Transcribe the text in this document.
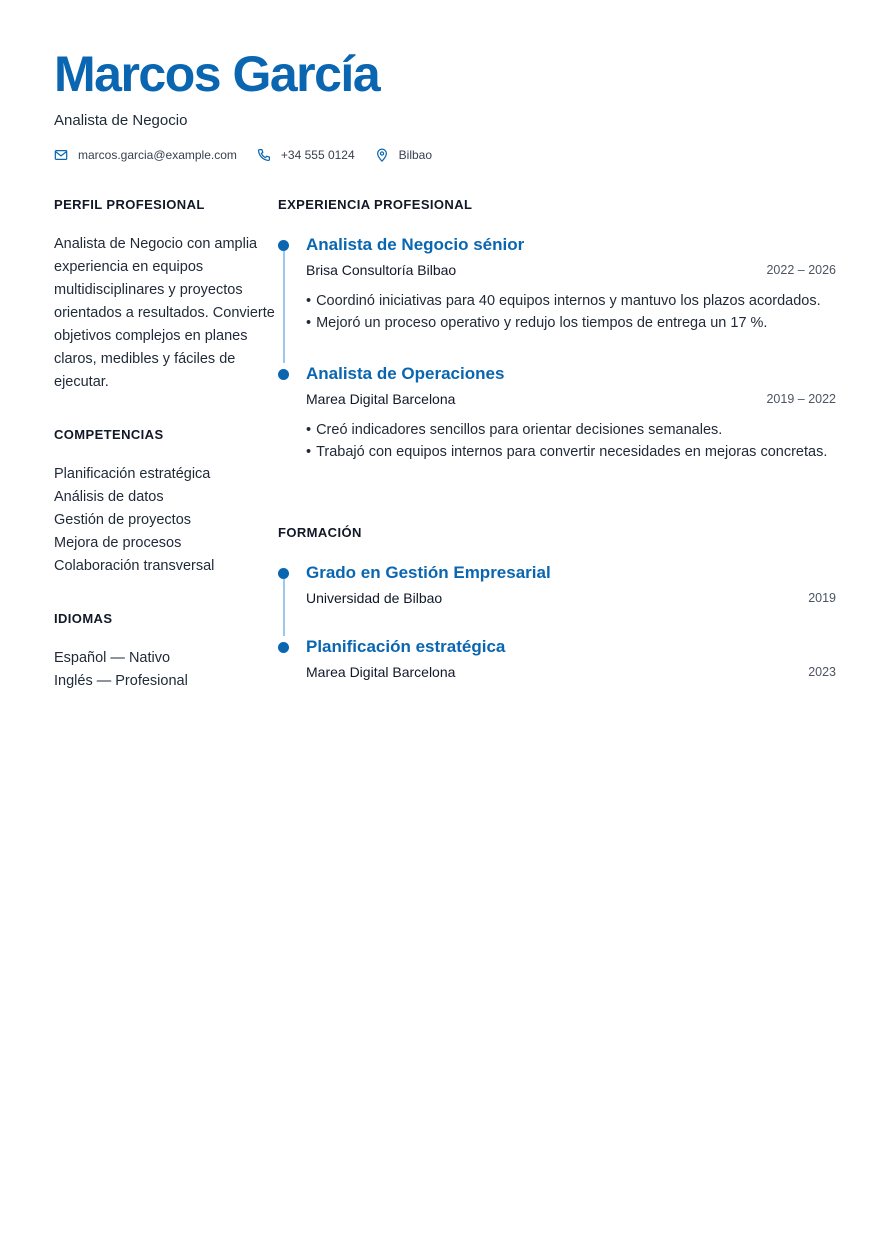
Marcos García
Analista de Negocio
marcos.garcia@example.com	+34 555 0124	Bilbao
PERFIL PROFESIONAL

Analista de Negocio con amplia experiencia en equipos multidisciplinares y proyectos orientados a resultados. Convierte objetivos complejos en planes claros, medibles y fáciles de ejecutar.

COMPETENCIAS
Planificación estratégica
Análisis de datos
Gestión de proyectos
Mejora de procesos
Colaboración transversal
IDIOMAS
Español — Nativo
Inglés — Profesional
EXPERIENCIA PROFESIONAL
Analista de Negocio sénior
Brisa Consultoría Bilbao	2022 – 2026
• Coordinó iniciativas para 40 equipos internos y mantuvo los plazos acordados.
• Mejoró un proceso operativo y redujo los tiempos de entrega un 17 %.
Analista de Operaciones
Marea Digital Barcelona	2019 – 2022
• Creó indicadores sencillos para orientar decisiones semanales.
• Trabajó con equipos internos para convertir necesidades en mejoras concretas.
FORMACIÓN
Grado en Gestión Empresarial
Universidad de Bilbao	2019
Planificación estratégica
Marea Digital Barcelona	2023
